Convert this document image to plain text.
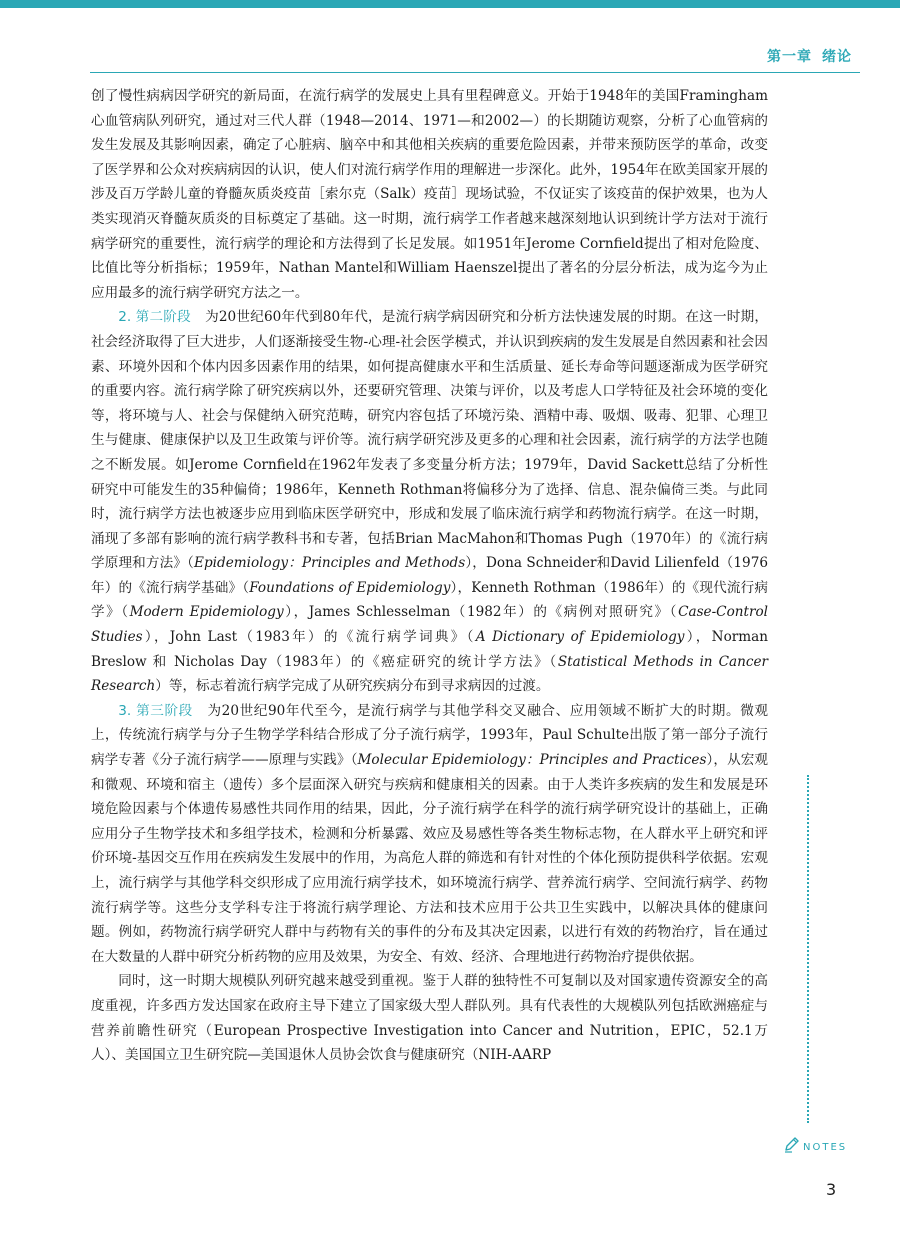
第一章 绪论

创了慢性病病因学研究的新局面，在流行病学的发展史上具有里程碑意义。开始于1948年的美国Framingham心血管病队列研究，通过对三代人群（1948—2014、1971—和2002—）的长期随访观察，分析了心血管病的发生发展及其影响因素，确定了心脏病、脑卒中和其他相关疾病的重要危险因素，并带来预防医学的革命，改变了医学界和公众对疾病病因的认识，使人们对流行病学作用的理解进一步深化。此外，1954年在欧美国家开展的涉及百万学龄儿童的脊髓灰质炎疫苗［索尔克（Salk）疫苗］现场试验，不仅证实了该疫苗的保护效果，也为人类实现消灭脊髓灰质炎的目标奠定了基础。这一时期，流行病学工作者越来越深刻地认识到统计学方法对于流行病学研究的重要性，流行病学的理论和方法得到了长足发展。如1951年Jerome Cornfield提出了相对危险度、比值比等分析指标；1959年，Nathan Mantel和William Haenszel提出了著名的分层分析法，成为迄今为止应用最多的流行病学研究方法之一。

2. 第二阶段 为20世纪60年代到80年代，是流行病学病因研究和分析方法快速发展的时期。在这一时期，社会经济取得了巨大进步，人们逐渐接受生物-心理-社会医学模式，并认识到疾病的发生发展是自然因素和社会因素、环境外因和个体内因多因素作用的结果，如何提高健康水平和生活质量、延长寿命等问题逐渐成为医学研究的重要内容。流行病学除了研究疾病以外，还要研究管理、决策与评价，以及考虑人口学特征及社会环境的变化等，将环境与人、社会与保健纳入研究范畴，研究内容包括了环境污染、酒精中毒、吸烟、吸毒、犯罪、心理卫生与健康、健康保护以及卫生政策与评价等。流行病学研究涉及更多的心理和社会因素，流行病学的方法学也随之不断发展。如Jerome Cornfield在1962年发表了多变量分析方法；1979年，David Sackett总结了分析性研究中可能发生的35种偏倚；1986年，Kenneth Rothman将偏移分为了选择、信息、混杂偏倚三类。与此同时，流行病学方法也被逐步应用到临床医学研究中，形成和发展了临床流行病学和药物流行病学。在这一时期，涌现了多部有影响的流行病学教科书和专著，包括Brian MacMahon和Thomas Pugh（1970年）的《流行病学原理和方法》（Epidemiology：Principles and Methods），Dona Schneider和David Lilienfeld（1976年）的《流行病学基础》（Foundations of Epidemiology），Kenneth Rothman（1986年）的《现代流行病学》（Modern Epidemiology），James Schlesselman（1982年）的《病例对照研究》（Case-Control Studies），John Last（1983年）的《流行病学词典》（A Dictionary of Epidemiology），Norman Breslow 和 Nicholas Day（1983年）的《癌症研究的统计学方法》（Statistical Methods in Cancer Research）等，标志着流行病学完成了从研究疾病分布到寻求病因的过渡。

3. 第三阶段 为20世纪90年代至今，是流行病学与其他学科交叉融合、应用领域不断扩大的时期。微观上，传统流行病学与分子生物学学科结合形成了分子流行病学，1993年，Paul Schulte出版了第一部分子流行病学专著《分子流行病学——原理与实践》（Molecular Epidemiology：Principles and Practices），从宏观和微观、环境和宿主（遗传）多个层面深入研究与疾病和健康相关的因素。由于人类许多疾病的发生和发展是环境危险因素与个体遗传易感性共同作用的结果，因此，分子流行病学在科学的流行病学研究设计的基础上，正确应用分子生物学技术和多组学技术，检测和分析暴露、效应及易感性等各类生物标志物，在人群水平上研究和评价环境-基因交互作用在疾病发生发展中的作用，为高危人群的筛选和有针对性的个体化预防提供科学依据。宏观上，流行病学与其他学科交织形成了应用流行病学技术，如环境流行病学、营养流行病学、空间流行病学、药物流行病学等。这些分支学科专注于将流行病学理论、方法和技术应用于公共卫生实践中，以解决具体的健康问题。例如，药物流行病学研究人群中与药物有关的事件的分布及其决定因素，以进行有效的药物治疗，旨在通过在大数量的人群中研究分析药物的应用及效果，为安全、有效、经济、合理地进行药物治疗提供依据。

同时，这一时期大规模队列研究越来越受到重视。鉴于人群的独特性不可复制以及对国家遗传资源安全的高度重视，许多西方发达国家在政府主导下建立了国家级大型人群队列。具有代表性的大规模队列包括欧洲癌症与营养前瞻性研究（European Prospective Investigation into Cancer and Nutrition，EPIC，52.1万人）、美国国立卫生研究院—美国退休人员协会饮食与健康研究（NIH-AARP

NOTES
3
